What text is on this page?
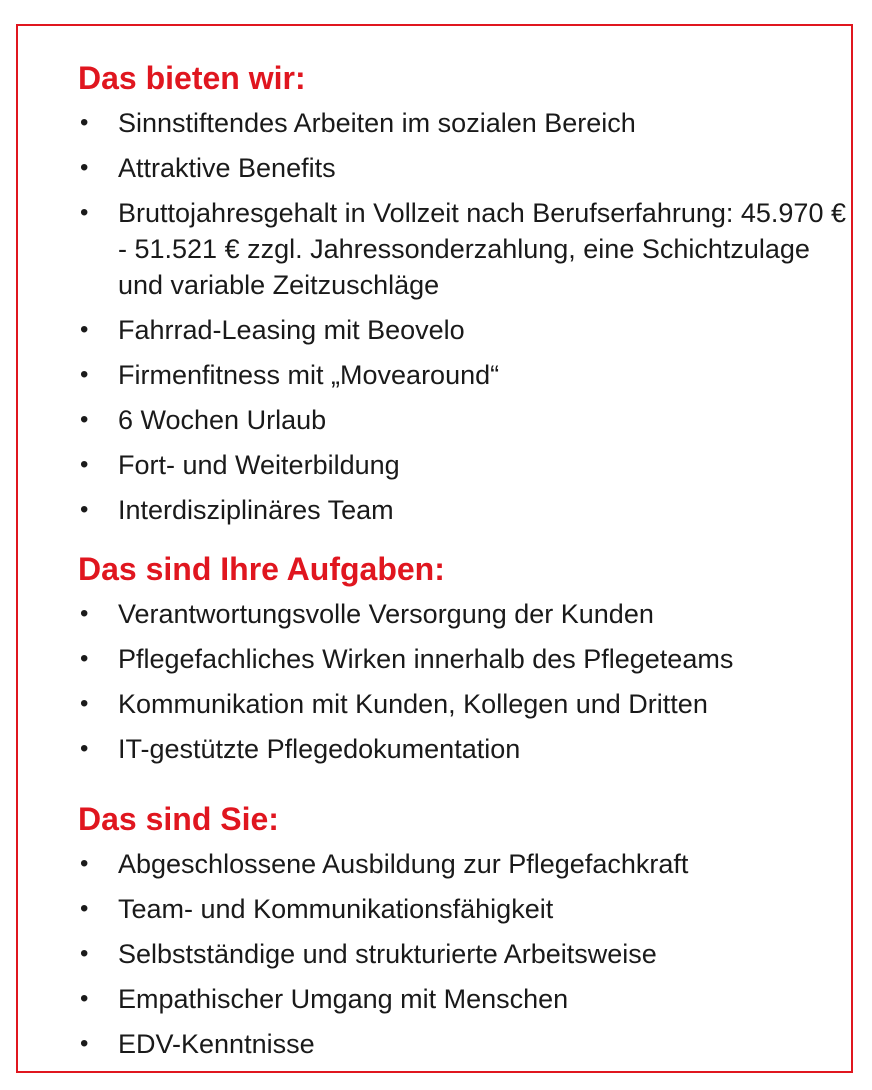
Das bieten wir:
• Sinnstiftendes Arbeiten im sozialen Bereich
• Attraktive Benefits
• Bruttojahresgehalt in Vollzeit nach Berufserfahrung: 45.970 € - 51.521 € zzgl. Jahressonderzahlung, eine Schichtzulage und variable Zeitzuschläge
• Fahrrad-Leasing mit Beovelo
• Firmenfitness mit „Movearound“
• 6 Wochen Urlaub
• Fort- und Weiterbildung
• Interdisziplinäres Team
Das sind Ihre Aufgaben:
• Verantwortungsvolle Versorgung der Kunden
• Pflegefachliches Wirken innerhalb des Pflegeteams
• Kommunikation mit Kunden, Kollegen und Dritten
• IT-gestützte Pflegedokumentation
Das sind Sie:
• Abgeschlossene Ausbildung zur Pflegefachkraft
• Team- und Kommunikationsfähigkeit
• Selbstständige und strukturierte Arbeitsweise
• Empathischer Umgang mit Menschen
• EDV-Kenntnisse
